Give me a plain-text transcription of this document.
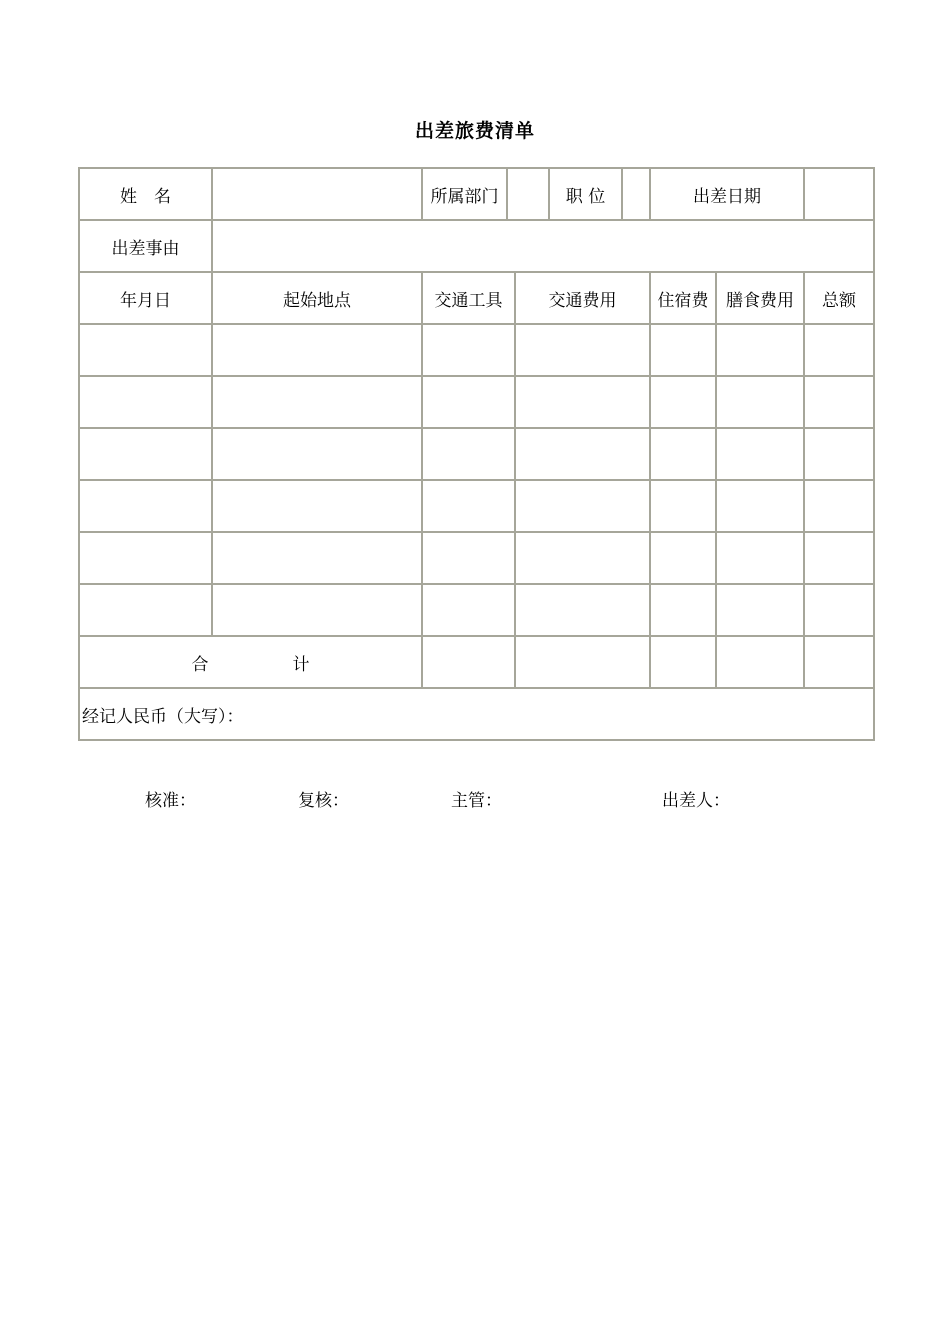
出差旅费清单
姓　名		所属部门			职 位		出差日期		
出差事由									
年月日	起始地点	交通工具		交通费用			住宿费	膳食费用	总额

合 计									
经记人民币（大写）：									
核准：	复核：	主管：	出差人：
